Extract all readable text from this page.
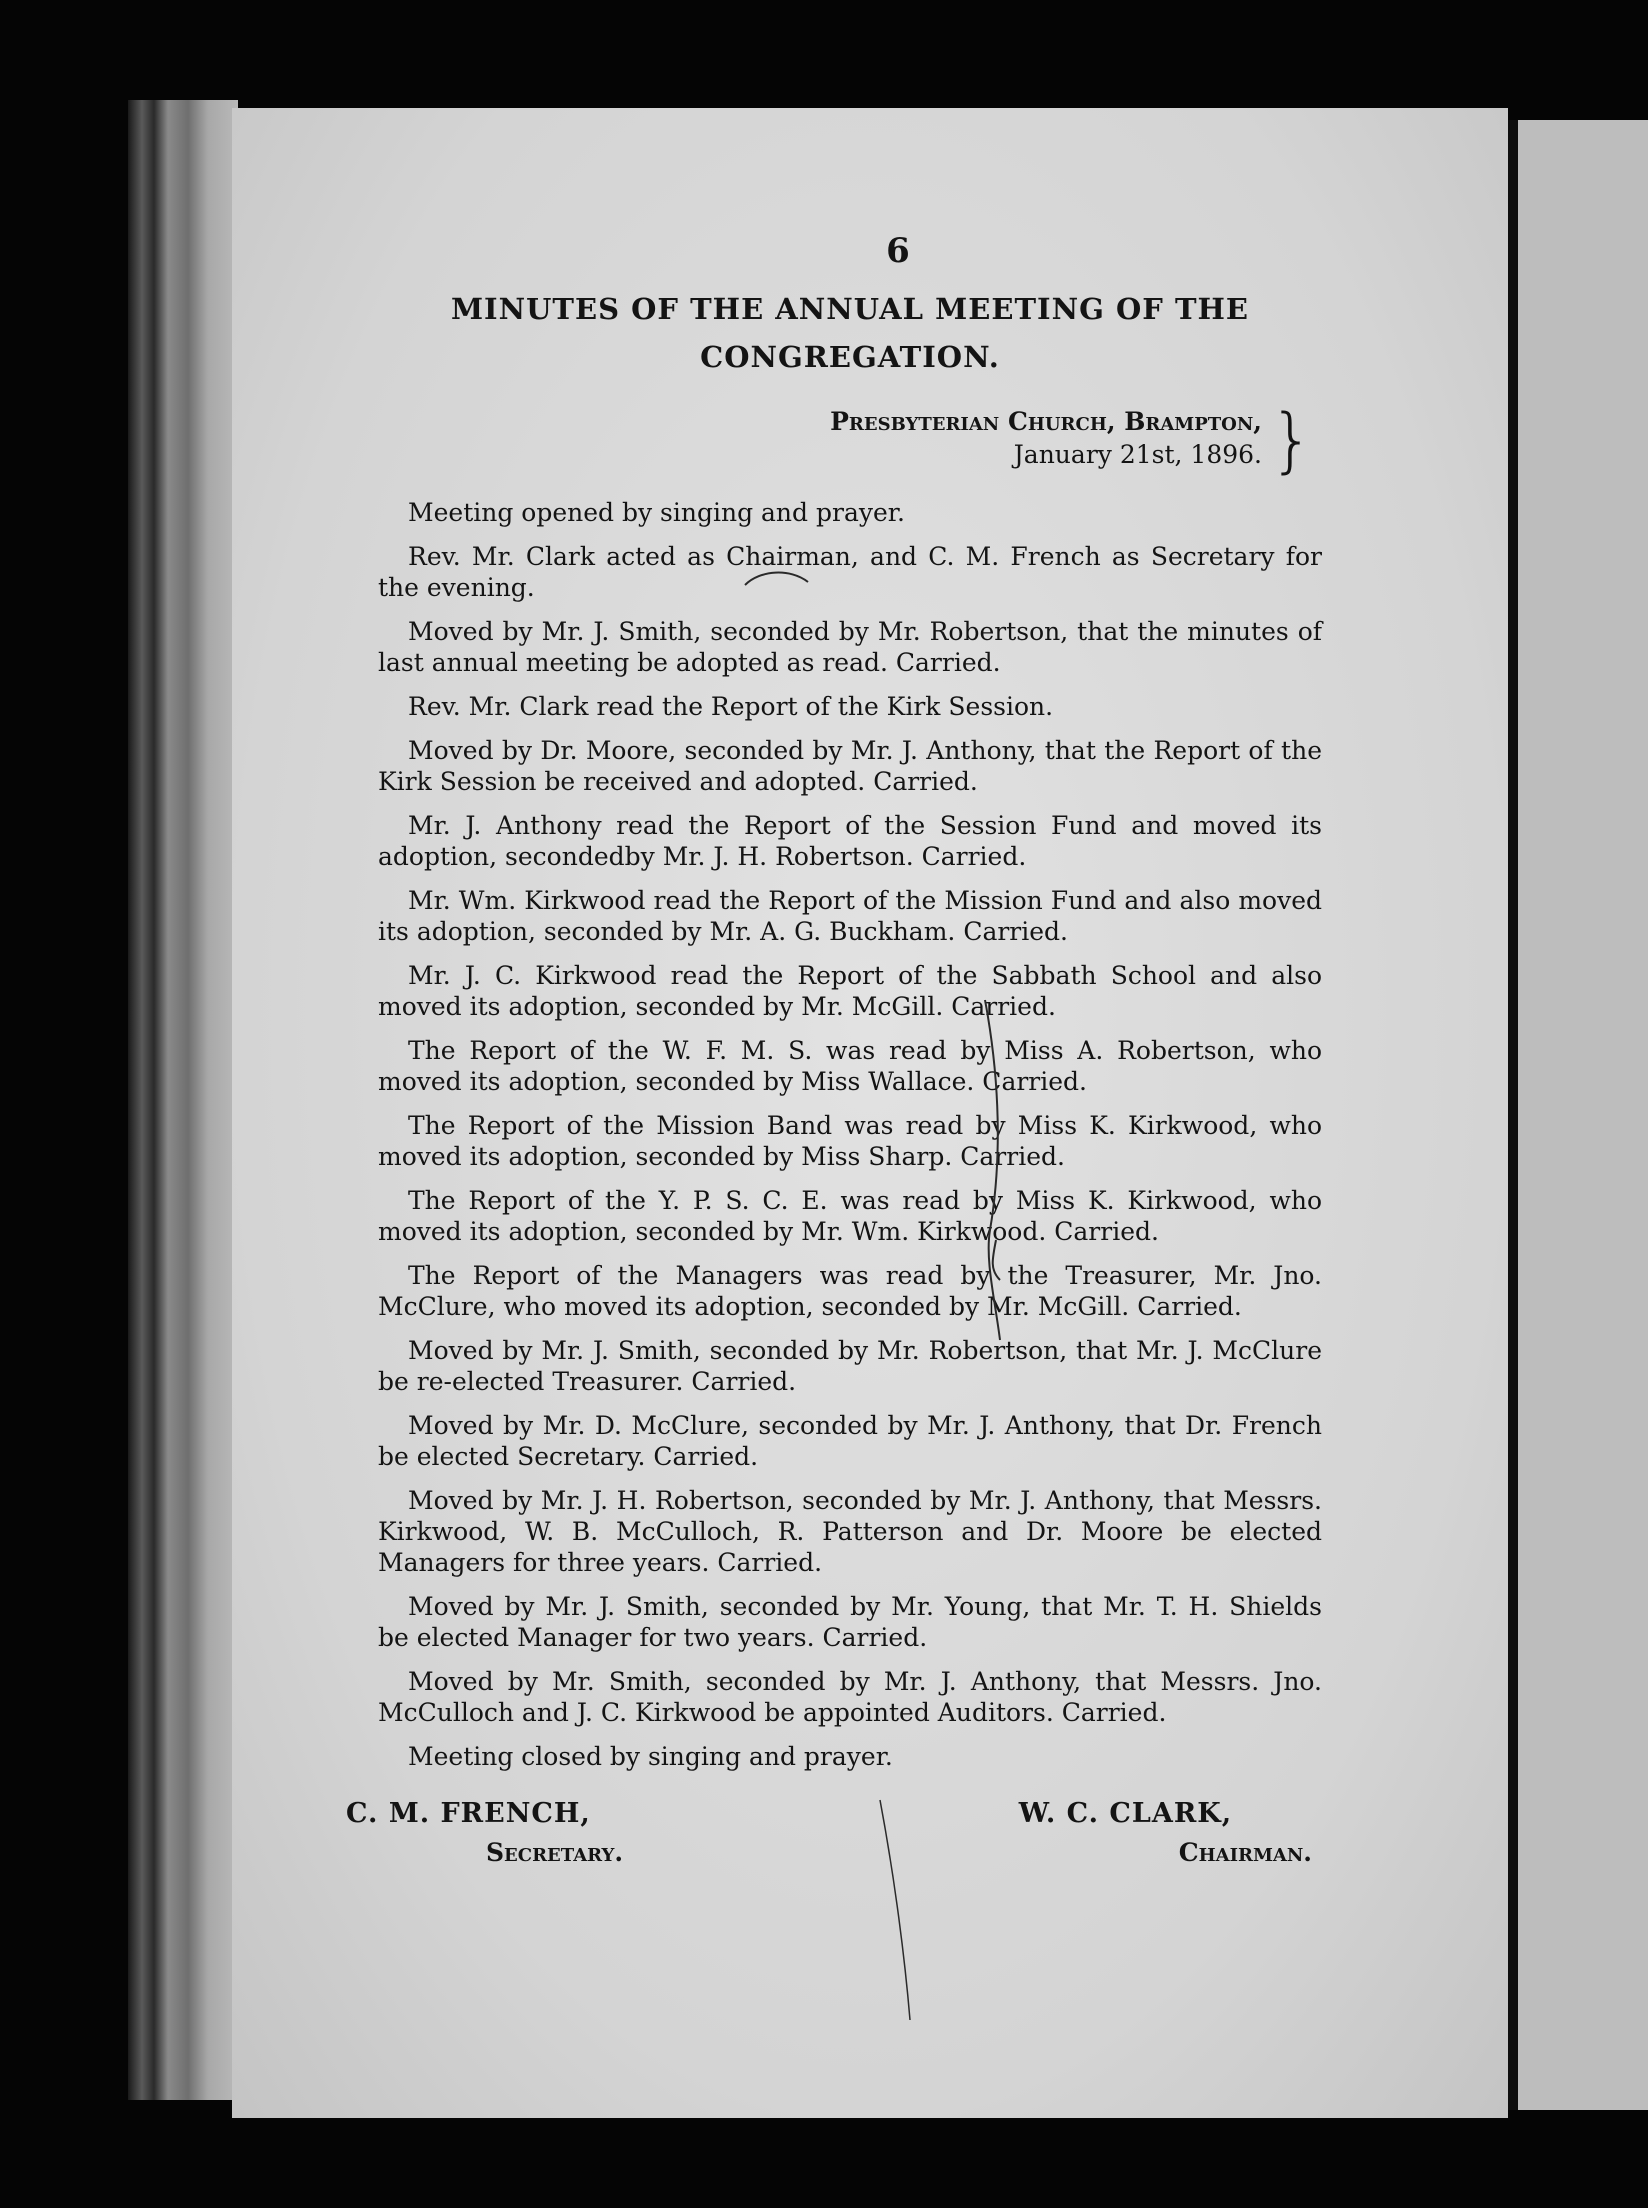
6
MINUTES OF THE ANNUAL MEETING OF THE
CONGREGATION.
Presbyterian Church, Brampton,
January 21st, 1896. }

Meeting opened by singing and prayer.

Rev. Mr. Clark acted as Chairman, and C. M. French as Secretary for the evening.

Moved by Mr. J. Smith, seconded by Mr. Robertson, that the minutes of last annual meeting be adopted as read. Carried.

Rev. Mr. Clark read the Report of the Kirk Session.

Moved by Dr. Moore, seconded by Mr. J. Anthony, that the Report of the Kirk Session be received and adopted. Carried.

Mr. J. Anthony read the Report of the Session Fund and moved its adoption, secondedby Mr. J. H. Robertson. Carried.

Mr. Wm. Kirkwood read the Report of the Mission Fund and also moved its adoption, seconded by Mr. A. G. Buckham. Carried.

Mr. J. C. Kirkwood read the Report of the Sabbath School and also moved its adoption, seconded by Mr. McGill. Carried.

The Report of the W. F. M. S. was read by Miss A. Robertson, who moved its adoption, seconded by Miss Wallace. Carried.

The Report of the Mission Band was read by Miss K. Kirkwood, who moved its adoption, seconded by Miss Sharp. Carried.

The Report of the Y. P. S. C. E. was read by Miss K. Kirkwood, who moved its adoption, seconded by Mr. Wm. Kirkwood. Carried.

The Report of the Managers was read by the Treasurer, Mr. Jno. McClure, who moved its adoption, seconded by Mr. McGill. Carried.

Moved by Mr. J. Smith, seconded by Mr. Robertson, that Mr. J. McClure be re-elected Treasurer. Carried.

Moved by Mr. D. McClure, seconded by Mr. J. Anthony, that Dr. French be elected Secretary. Carried.

Moved by Mr. J. H. Robertson, seconded by Mr. J. Anthony, that Messrs. Kirkwood, W. B. McCulloch, R. Patterson and Dr. Moore be elected Managers for three years. Carried.

Moved by Mr. J. Smith, seconded by Mr. Young, that Mr. T. H. Shields be elected Manager for two years. Carried.

Moved by Mr. Smith, seconded by Mr. J. Anthony, that Messrs. Jno. McCulloch and J. C. Kirkwood be appointed Auditors. Carried.

Meeting closed by singing and prayer.

C. M. FRENCH,
Secretary.
W. C. CLARK,
Chairman.
